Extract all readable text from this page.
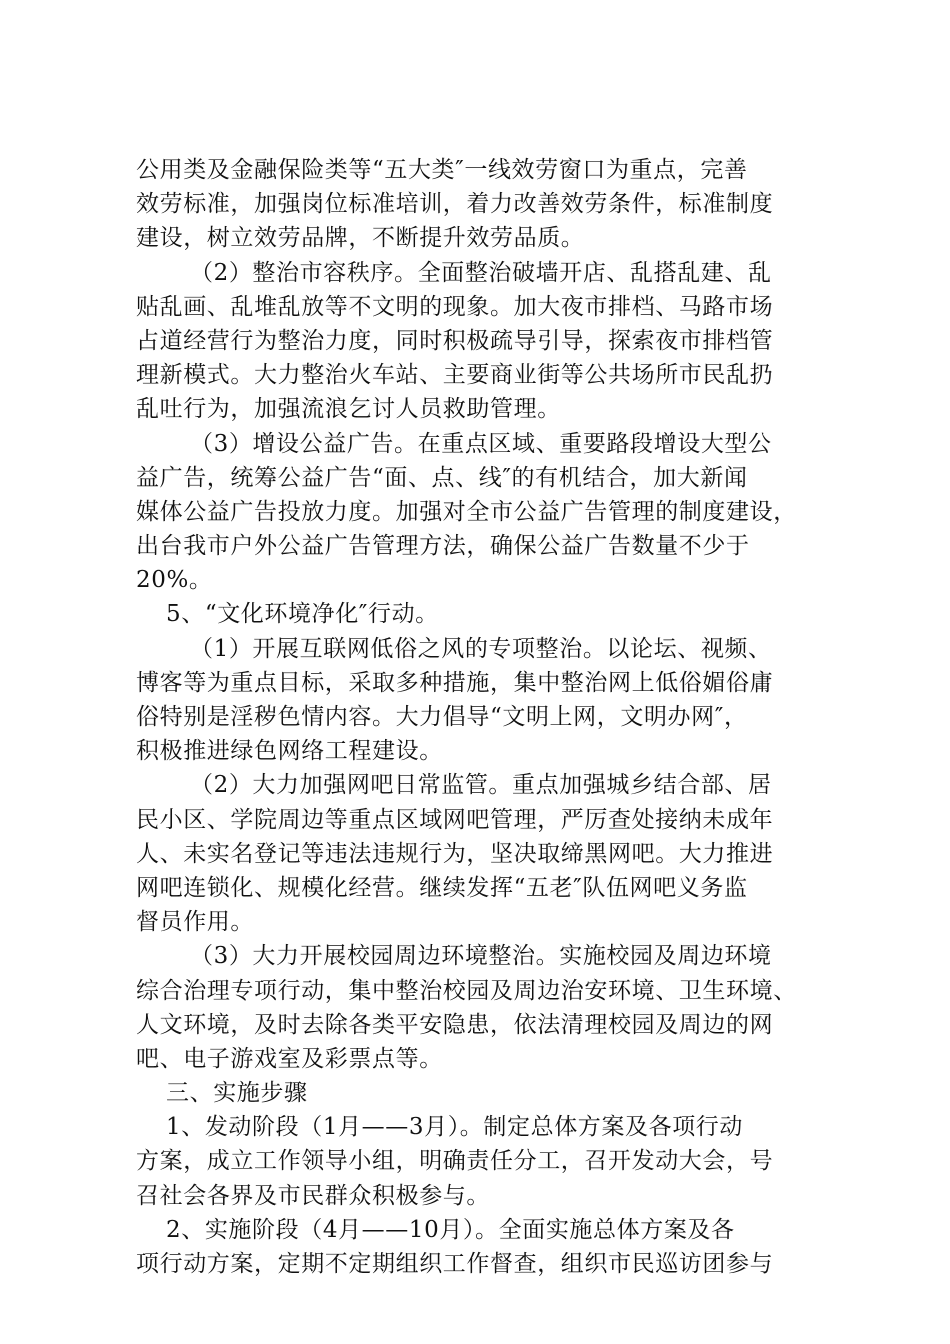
公用类及金融保险类等“五大类″一线效劳窗口为重点，完善
效劳标准，加强岗位标准培训，着力改善效劳条件，标准制度
建设，树立效劳品牌，不断提升效劳品质。
（2）整治市容秩序。全面整治破墙开店、乱搭乱建、乱
贴乱画、乱堆乱放等不文明的现象。加大夜市排档、马路市场
占道经营行为整治力度，同时积极疏导引导，探索夜市排档管
理新模式。大力整治火车站、主要商业街等公共场所市民乱扔
乱吐行为，加强流浪乞讨人员救助管理。
（3）增设公益广告。在重点区域、重要路段增设大型公
益广告，统筹公益广告“面、点、线″的有机结合，加大新闻
媒体公益广告投放力度。加强对全市公益广告管理的制度建设，
出台我市户外公益广告管理方法，确保公益广告数量不少于
20%。
5、“文化环境净化″行动。
（1）开展互联网低俗之风的专项整治。以论坛、视频、
博客等为重点目标，采取多种措施，集中整治网上低俗媚俗庸
俗特别是淫秽色情内容。大力倡导“文明上网，文明办网″，
积极推进绿色网络工程建设。
（2）大力加强网吧日常监管。重点加强城乡结合部、居
民小区、学院周边等重点区域网吧管理，严厉查处接纳未成年
人、未实名登记等违法违规行为，坚决取缔黑网吧。大力推进
网吧连锁化、规模化经营。继续发挥“五老″队伍网吧义务监
督员作用。
（3）大力开展校园周边环境整治。实施校园及周边环境
综合治理专项行动，集中整治校园及周边治安环境、卫生环境、
人文环境，及时去除各类平安隐患，依法清理校园及周边的网
吧、电子游戏室及彩票点等。
三、实施步骤
1、发动阶段（1月——3月）。制定总体方案及各项行动
方案，成立工作领导小组，明确责任分工，召开发动大会，号
召社会各界及市民群众积极参与。
2、实施阶段（4月——10月）。全面实施总体方案及各
项行动方案，定期不定期组织工作督查，组织市民巡访团参与
